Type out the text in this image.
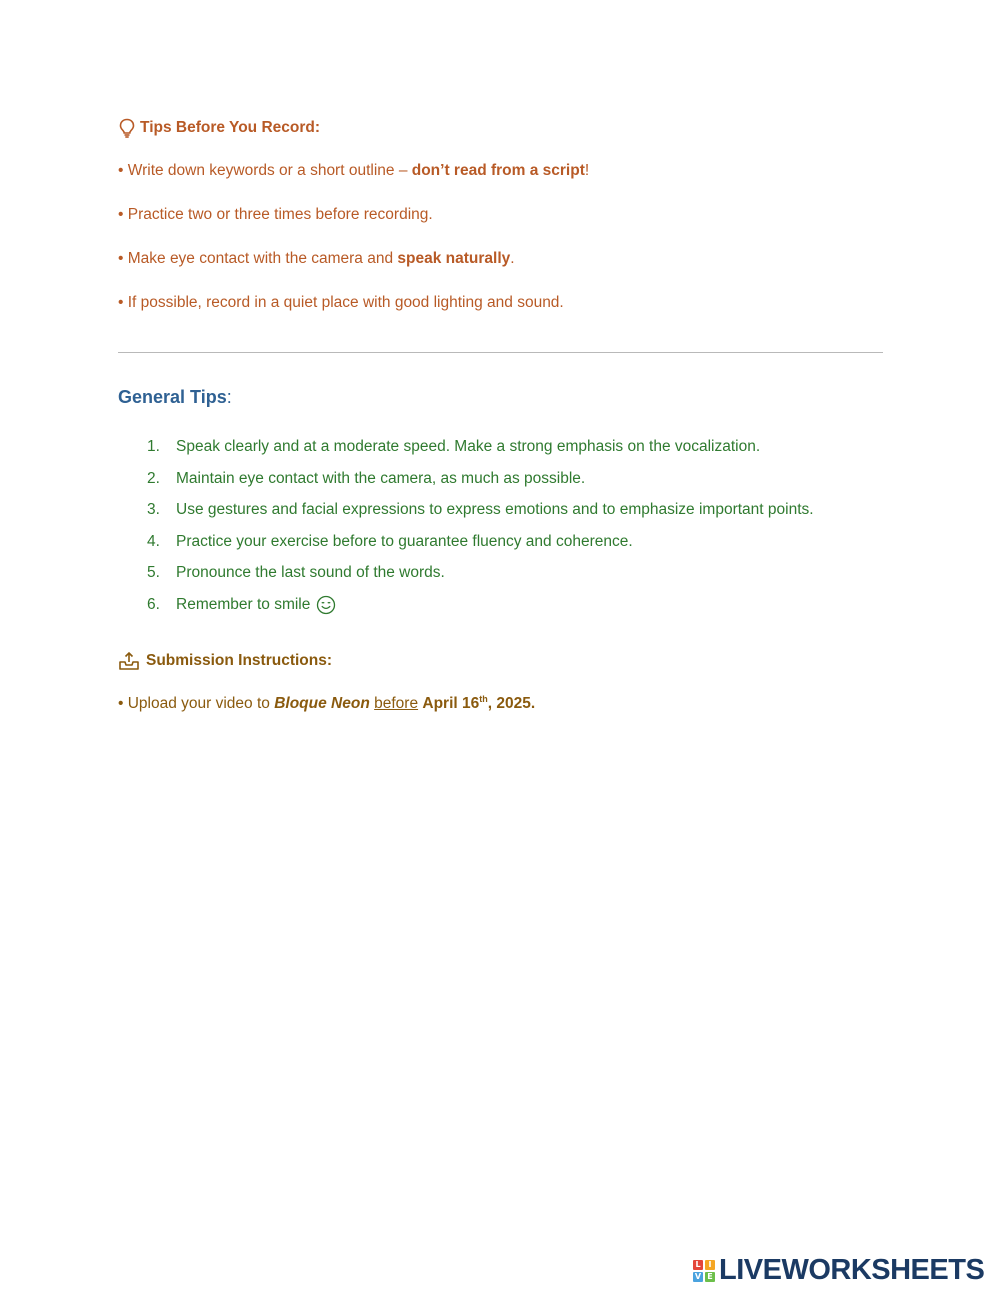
Tips Before You Record:
• Write down keywords or a short outline – don’t read from a script!
• Practice two or three times before recording.
• Make eye contact with the camera and speak naturally.
• If possible, record in a quiet place with good lighting and sound.
General Tips:
1.	Speak clearly and at a moderate speed. Make a strong emphasis on the vocalization.
2.	Maintain eye contact with the camera, as much as possible.
3.	Use gestures and facial expressions to express emotions and to emphasize important points.
4.	Practice your exercise before to guarantee fluency and coherence.
5.	Pronounce the last sound of the words.
6.	Remember to smile
Submission Instructions:
• Upload your video to Bloque Neon before April 16th, 2025.
L I
V E LIVEWORKSHEETS
